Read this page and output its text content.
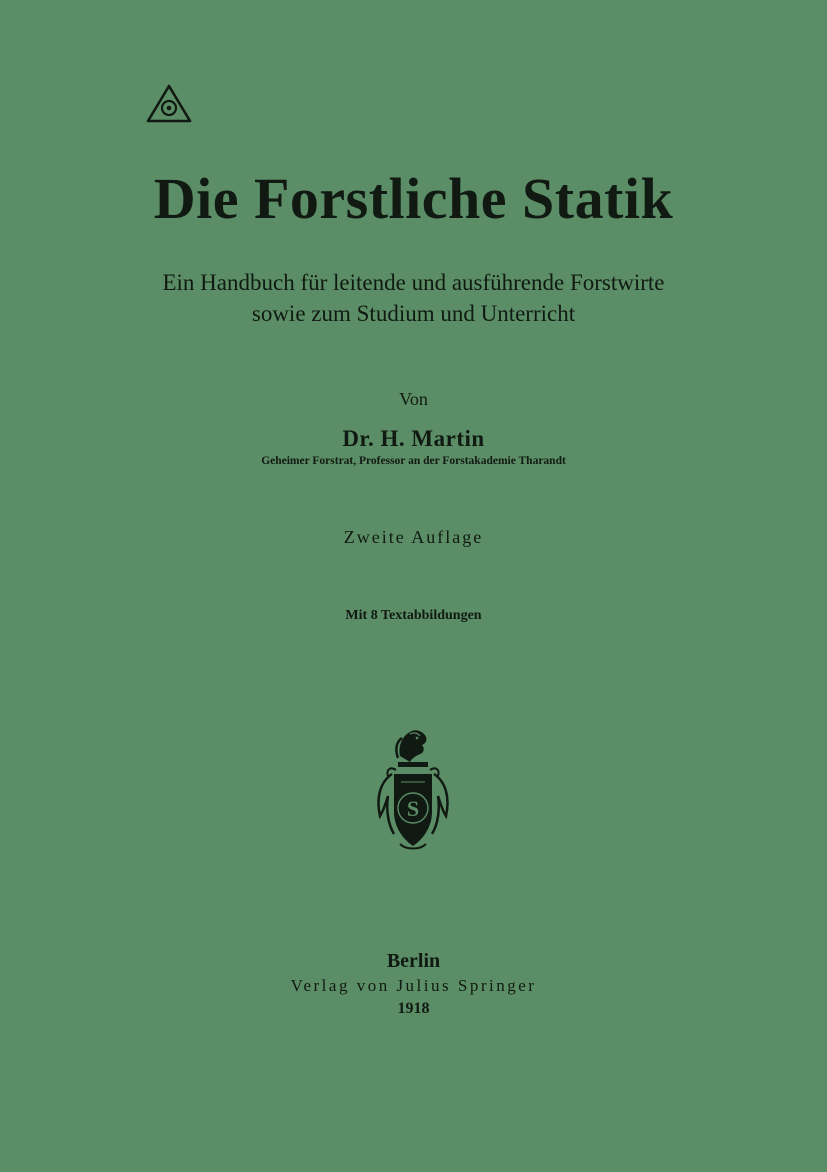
Die Forstliche Statik

Ein Handbuch für leitende und ausführende Forstwirte

sowie zum Studium und Unterricht

Von

Dr. H. Martin

Geheimer Forstrat, Professor an der Forstakademie Tharandt

Zweite Auflage

Mit 8 Textabbildungen

S

Berlin

Verlag von Julius Springer

1918
